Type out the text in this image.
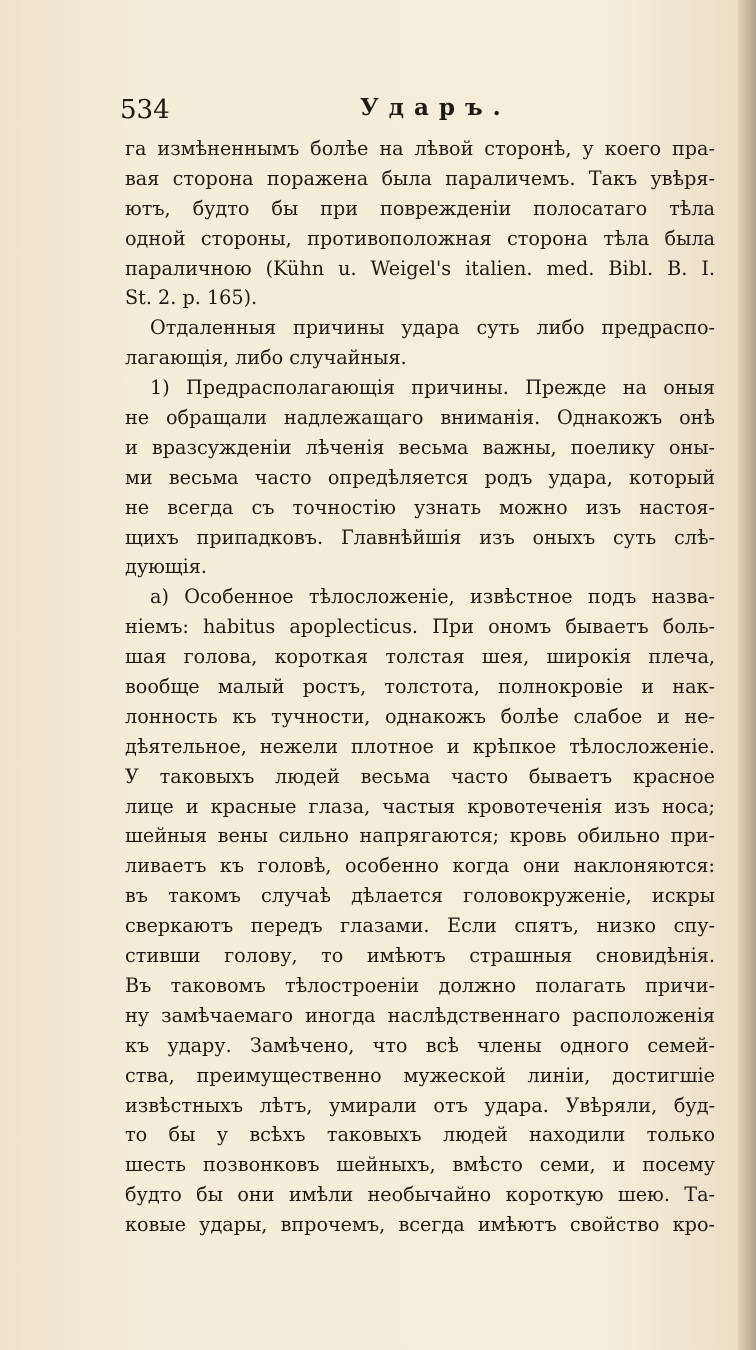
534	Ударъ.
га измѣненнымъ болѣе на лѣвой сторонѣ, у коего пра-
вая сторона поражена была параличемъ. Такъ увѣря-
ютъ, будто бы при поврежденіи полосатаго тѣла
одной стороны, противоположная сторона тѣла была
параличною (Kühn u. Weigel's italien. med. Bibl. B. I.
St. 2. p. 165).
Отдаленныя причины удара суть либо предраспо-
лагающія, либо случайныя.
1) Предрасполагающія причины. Прежде на оныя
не обращали надлежащаго вниманія. Однакожъ онѣ
и вразсужденіи лѣченія весьма важны, поелику оны-
ми весьма часто опредѣляется родъ удара, который
не всегда съ точностію узнать можно изъ настоя-
щихъ припадковъ. Главнѣйшія изъ оныхъ суть слѣ-
дующія.
а) Особенное тѣлосложеніе, извѣстное подъ назва-
ніемъ: habitus apoplecticus. При ономъ бываетъ боль-
шая голова, короткая толстая шея, широкія плеча,
вообще малый ростъ, толстота, полнокровіе и нак-
лонность къ тучности, однакожъ болѣе слабое и не-
дѣятельное, нежели плотное и крѣпкое тѣлосложеніе.
У таковыхъ людей весьма часто бываетъ красное
лице и красные глаза, частыя кровотеченія изъ носа;
шейныя вены сильно напрягаются; кровь обильно при-
ливаетъ къ головѣ, особенно когда они наклоняются:
въ такомъ случаѣ дѣлается головокруженіе, искры
сверкаютъ передъ глазами. Если спятъ, низко спу-
стивши голову, то имѣютъ страшныя сновидѣнія.
Въ таковомъ тѣлостроеніи должно полагать причи-
ну замѣчаемаго иногда наслѣдственнаго расположенія
къ удару. Замѣчено, что всѣ члены одного семей-
ства, преимущественно мужеской линіи, достигшіе
извѣстныхъ лѣтъ, умирали отъ удара. Увѣряли, буд-
то бы у всѣхъ таковыхъ людей находили только
шесть позвонковъ шейныхъ, вмѣсто семи, и посему
будто бы они имѣли необычайно короткую шею. Та-
ковые удары, впрочемъ, всегда имѣютъ свойство кро-
